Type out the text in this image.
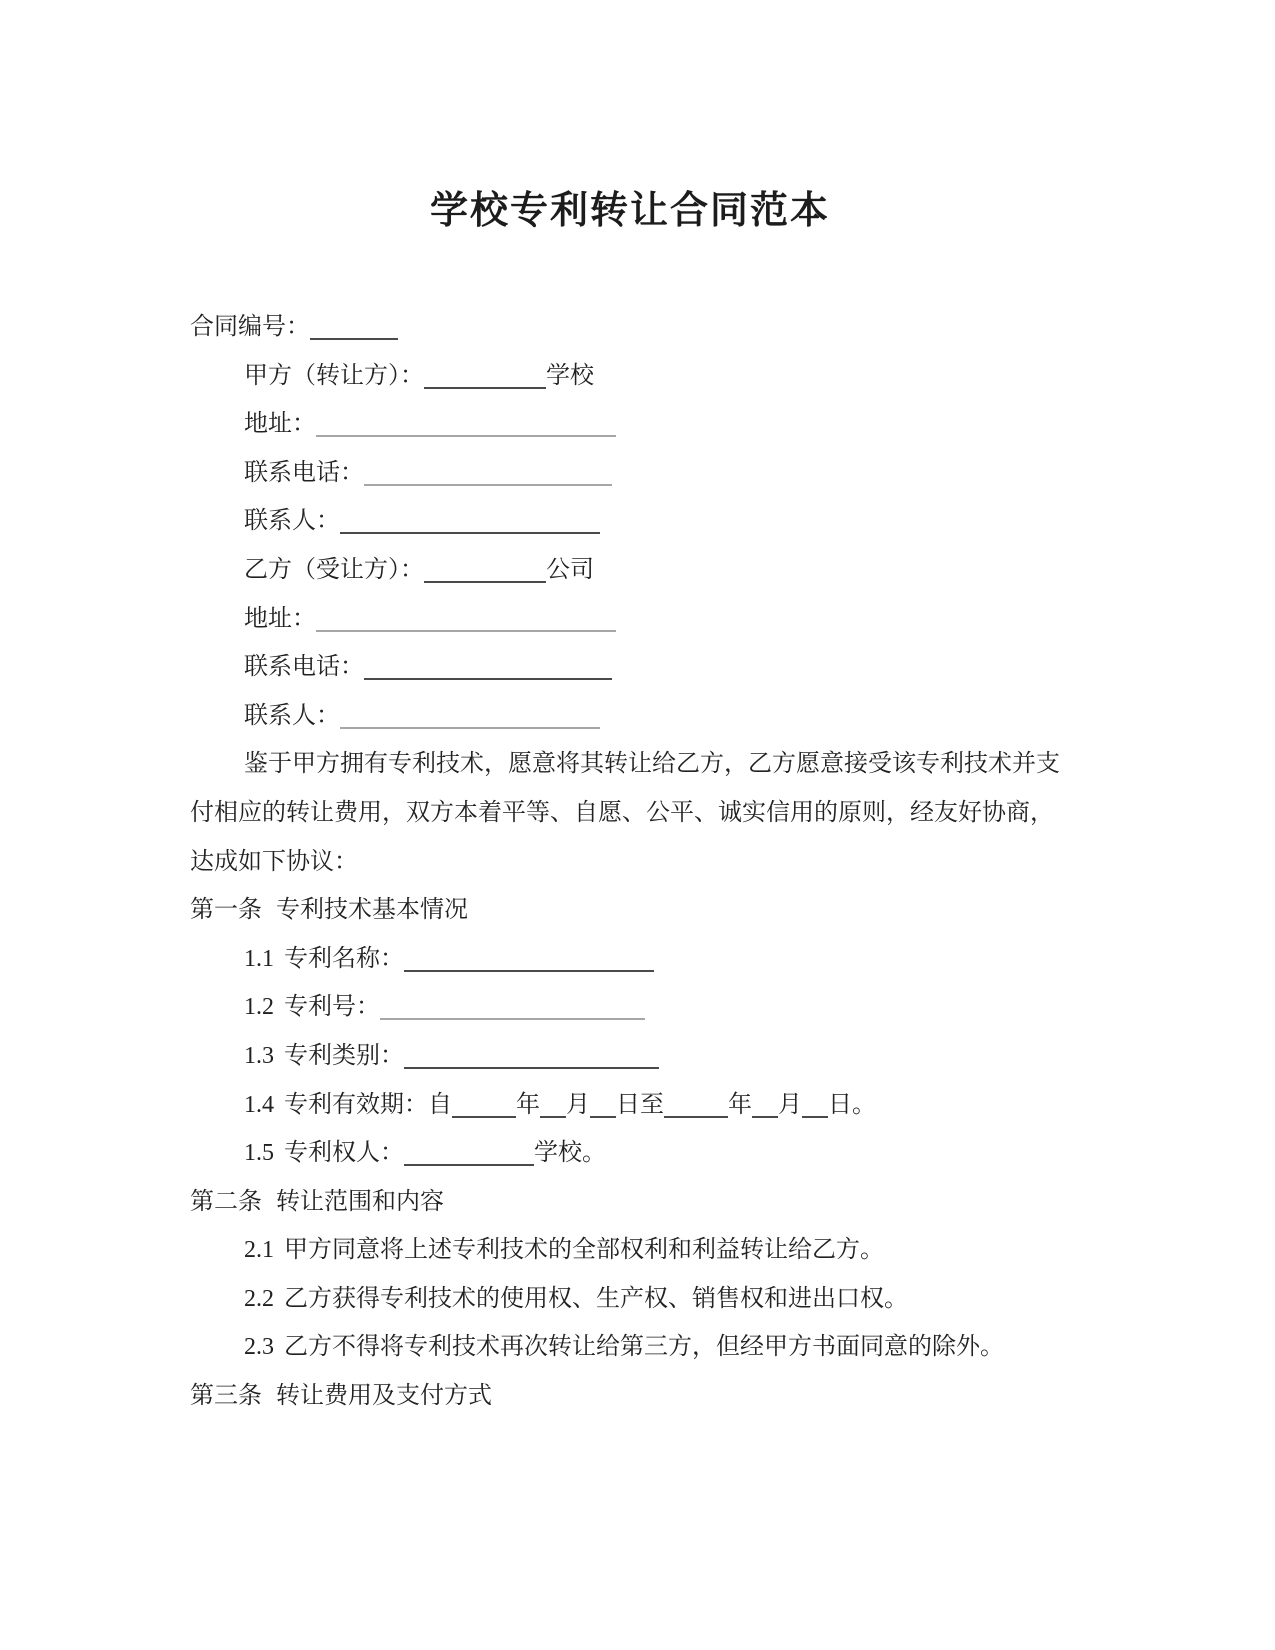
学校专利转让合同范本
合同编号：
甲方（转让方）：	学校
地址：
联系电话：
联系人：
乙方（受让方）：	公司
地址：
联系电话：
联系人：

鉴于甲方拥有专利技术，愿意将其转让给乙方，乙方愿意接受该专利技术并支付相应的转让费用，双方本着平等、自愿、公平、诚实信用的原则，经友好协商，达成如下协议：

第一条 专利技术基本情况
1.1 专利名称：
1.2 专利号：
1.3 专利类别：
1.4 专利有效期：自	年 月 日至	年 月 日。
1.5 专利权人：	学校。
第二条 转让范围和内容
2.1 甲方同意将上述专利技术的全部权利和利益转让给乙方。
2.2 乙方获得专利技术的使用权、生产权、销售权和进出口权。
2.3 乙方不得将专利技术再次转让给第三方，但经甲方书面同意的除外。
第三条 转让费用及支付方式
